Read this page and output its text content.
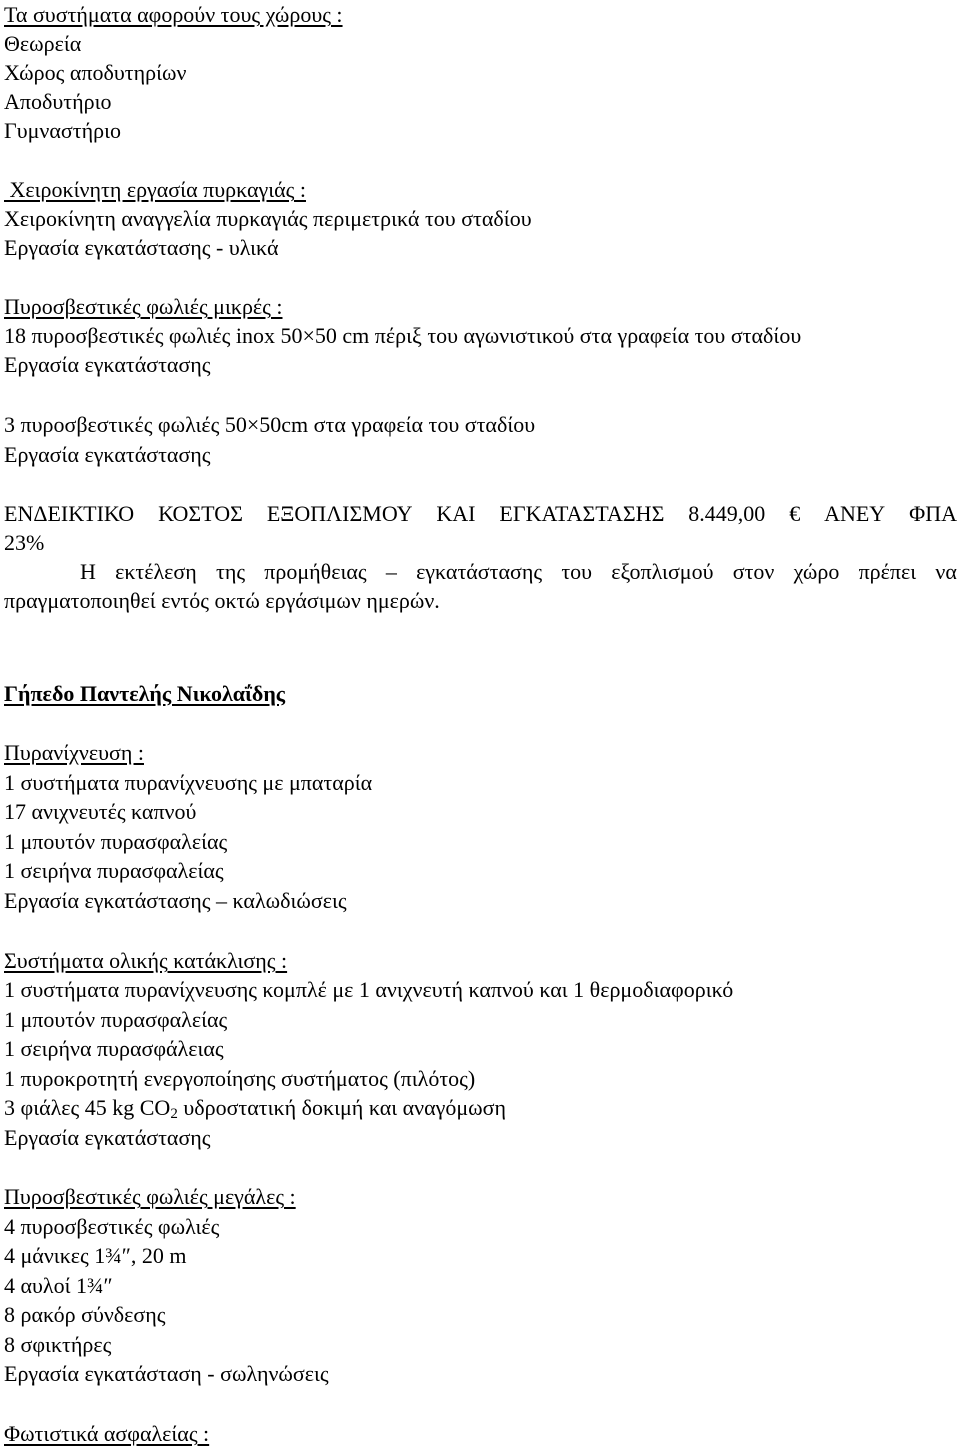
Τα συστήματα αφορούν τους χώρους :

Θεωρεία

Χώρος αποδυτηρίων

Αποδυτήριο

Γυμναστήριο

Χειροκίνητη εργασία πυρκαγιάς :

Χειροκίνητη αναγγελία πυρκαγιάς περιμετρικά του σταδίου

Εργασία εγκατάστασης - υλικά

Πυροσβεστικές φωλιές μικρές :

18 πυροσβεστικές φωλιές inox 50×50 cm πέριξ του αγωνιστικού στα γραφεία του σταδίου

Εργασία εγκατάστασης

3 πυροσβεστικές φωλιές 50×50cm στα γραφεία του σταδίου

Εργασία εγκατάστασης

ΕΝΔΕΙΚΤΙΚΟ ΚΟΣΤΟΣ ΕΞΟΠΛΙΣΜΟΥ ΚΑΙ ΕΓΚΑΤΑΣΤΑΣΗΣ 8.449,00 € ΑΝΕΥ ΦΠΑ

23%

Η εκτέλεση της προμήθειας – εγκατάστασης του εξοπλισμού στον χώρο πρέπει να

πραγματοποιηθεί εντός οκτώ εργάσιμων ημερών.

Γήπεδο Παντελής Νικολαΐδης

Πυρανίχνευση :

1 συστήματα πυρανίχνευσης με μπαταρία

17 ανιχνευτές καπνού

1 μπουτόν πυρασφαλείας

1 σειρήνα πυρασφαλείας

Εργασία εγκατάστασης – καλωδιώσεις

Συστήματα ολικής κατάκλισης :

1 συστήματα πυρανίχνευσης κομπλέ με 1 ανιχνευτή καπνού και 1 θερμοδιαφορικό

1 μπουτόν πυρασφαλείας

1 σειρήνα πυρασφάλειας

1 πυροκροτητή ενεργοποίησης συστήματος (πιλότος)

3 φιάλες 45 kg $CO_2$ υδροστατική δοκιμή και αναγόμωση

Εργασία εγκατάστασης

Πυροσβεστικές φωλιές μεγάλες :

4 πυροσβεστικές φωλιές

4 μάνικες 1¾″, 20 m

4 αυλοί 1¾″

8 ρακόρ σύνδεσης

8 σφικτήρες

Εργασία εγκατάσταση - σωληνώσεις

Φωτιστικά ασφαλείας :
